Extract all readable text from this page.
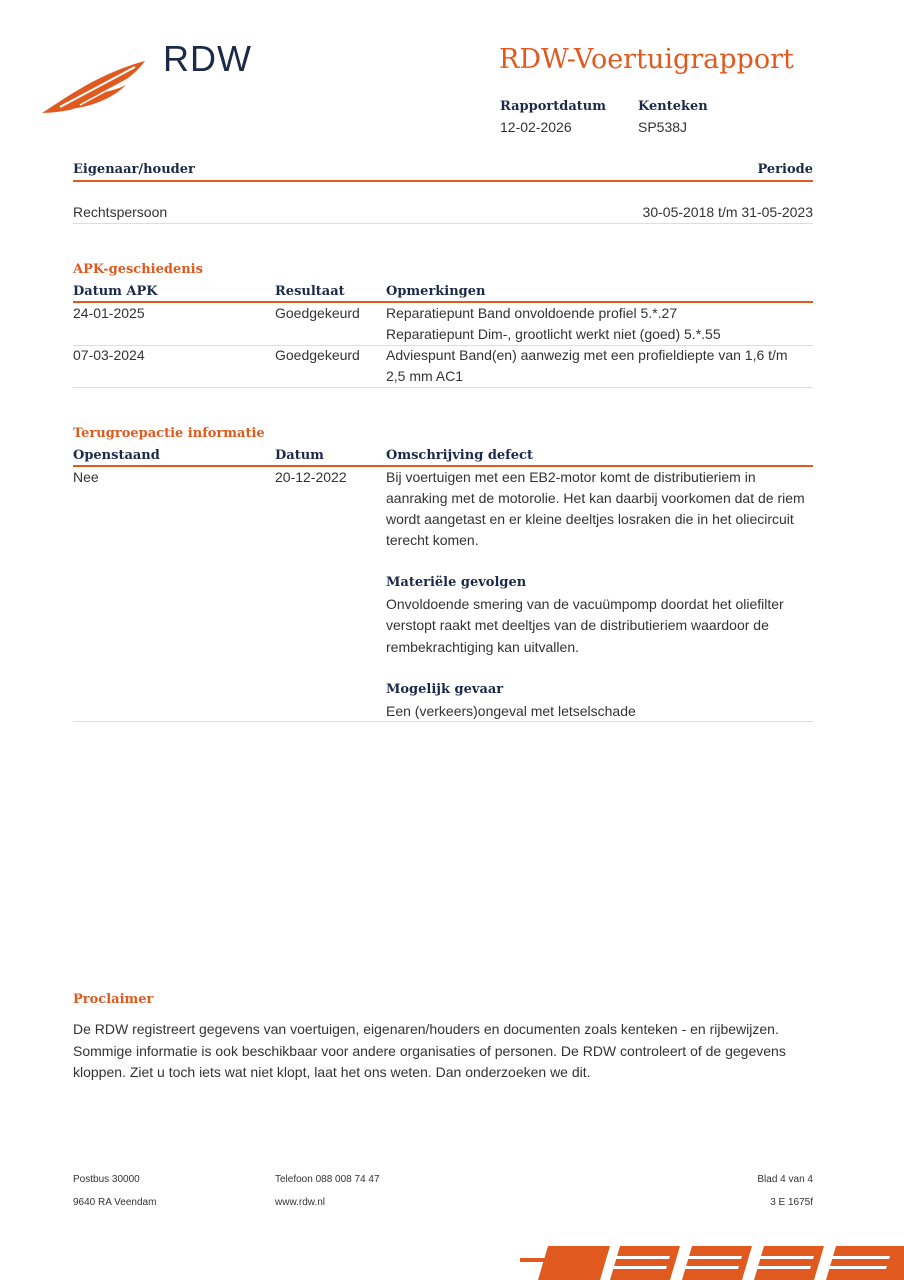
RDW	RDW-Voertuigrapport
Rapportdatum
12-02-2026
Kenteken
SP538J
Eigenaar/houder	Periode
Rechtspersoon	30-05-2018 t/m 31-05-2023
APK-geschiedenis
Datum APK	Resultaat	Opmerkingen
24-01-2025	Goedgekeurd Reparatiepunt Band onvoldoende profiel 5.*.27
Reparatiepunt Dim-, grootlicht werkt niet (goed) 5.*.55
07-03-2024	Goedgekeurd Adviespunt Band(en) aanwezig met een profieldiepte van 1,6 t/m
2,5 mm AC1
Terugroepactie informatie
Openstaand	Datum	Omschrijving defect
Nee	20-12-2022	Bij voertuigen met een EB2-motor komt de distributieriem in
aanraking met de motorolie. Het kan daarbij voorkomen dat de riem
wordt aangetast en er kleine deeltjes losraken die in het oliecircuit
terecht komen.
Materiële gevolgen
Onvoldoende smering van de vacuümpomp doordat het oliefilter
verstopt raakt met deeltjes van de distributieriem waardoor de
rembekrachtiging kan uitvallen.
Mogelijk gevaar
Een (verkeers)ongeval met letselschade
Proclaimer
De RDW registreert gegevens van voertuigen, eigenaren/houders en documenten zoals kenteken - en rijbewijzen.
Sommige informatie is ook beschikbaar voor andere organisaties of personen. De RDW controleert of de gegevens
kloppen. Ziet u toch iets wat niet klopt, laat het ons weten. Dan onderzoeken we dit.
Postbus 30000
9640 RA Veendam
Telefoon 088 008 74 47
www.rdw.nl
Blad 4 van 4
3 E 1675f
